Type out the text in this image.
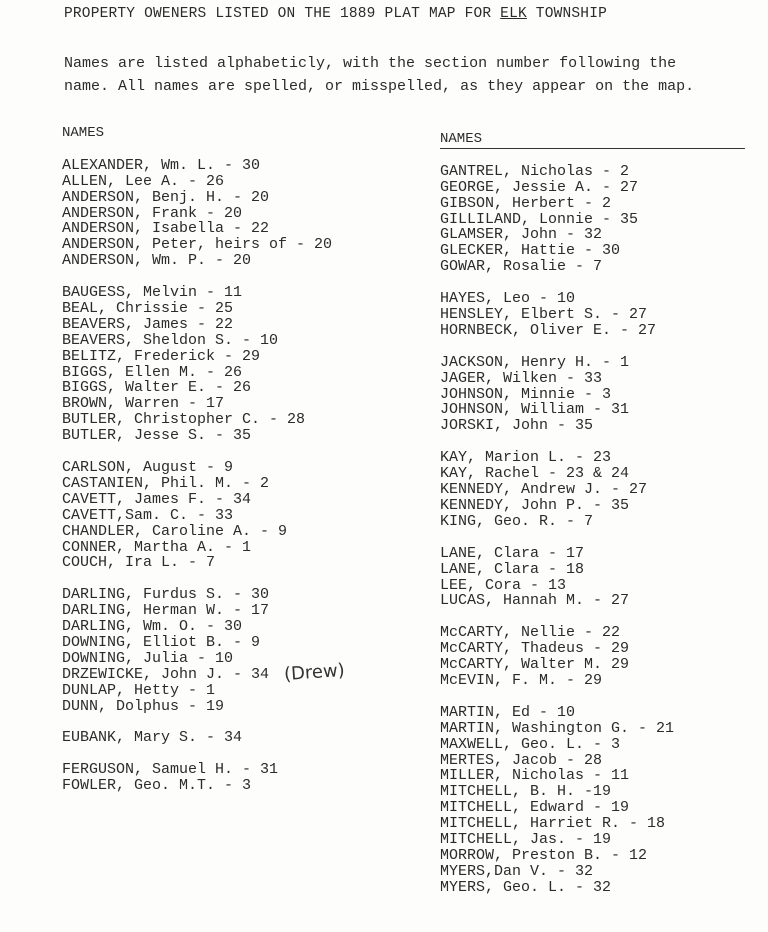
PROPERTY OWENERS LISTED ON THE 1889 PLAT MAP FOR ELK TOWNSHIP
Names are listed alphabeticly, with the section number following the
name. All names are spelled, or misspelled, as they appear on the map.
NAMES
ALEXANDER, Wm. L. - 30
ALLEN, Lee A. - 26
ANDERSON, Benj. H. - 20
ANDERSON, Frank - 20
ANDERSON, Isabella - 22
ANDERSON, Peter, heirs of - 20
ANDERSON, Wm. P. - 20
BAUGESS, Melvin - 11
BEAL, Chrissie - 25
BEAVERS, James - 22
BEAVERS, Sheldon S. - 10
BELITZ, Frederick - 29
BIGGS, Ellen M. - 26
BIGGS, Walter E. - 26
BROWN, Warren - 17
BUTLER, Christopher C. - 28
BUTLER, Jesse S. - 35
CARLSON, August - 9
CASTANIEN, Phil. M. - 2
CAVETT, James F. - 34
CAVETT,Sam. C. - 33
CHANDLER, Caroline A. - 9
CONNER, Martha A. - 1
COUCH, Ira L. - 7
DARLING, Furdus S. - 30
DARLING, Herman W. - 17
DARLING, Wm. O. - 30
DOWNING, Elliot B. - 9
DOWNING, Julia - 10
DRZEWICKE, John J. - 34
DUNLAP, Hetty - 1
DUNN, Dolphus - 19
EUBANK, Mary S. - 34
FERGUSON, Samuel H. - 31
FOWLER, Geo. M.T. - 3
NAMES
GANTREL, Nicholas - 2
GEORGE, Jessie A. - 27
GIBSON, Herbert - 2
GILLILAND, Lonnie - 35
GLAMSER, John - 32
GLECKER, Hattie - 30
GOWAR, Rosalie - 7
HAYES, Leo - 10
HENSLEY, Elbert S. - 27
HORNBECK, Oliver E. - 27
JACKSON, Henry H. - 1
JAGER, Wilken - 33
JOHNSON, Minnie - 3
JOHNSON, William - 31
JORSKI, John - 35
KAY, Marion L. - 23
KAY, Rachel - 23 & 24
KENNEDY, Andrew J. - 27
KENNEDY, John P. - 35
KING, Geo. R. - 7
LANE, Clara - 17
LANE, Clara - 18
LEE, Cora - 13
LUCAS, Hannah M. - 27
McCARTY, Nellie - 22
McCARTY, Thadeus - 29
McCARTY, Walter M. 29
McEVIN, F. M. - 29
MARTIN, Ed - 10
MARTIN, Washington G. - 21
MAXWELL, Geo. L. - 3
MERTES, Jacob - 28
MILLER, Nicholas - 11
MITCHELL, B. H. -19
MITCHELL, Edward - 19
MITCHELL, Harriet R. - 18
MITCHELL, Jas. - 19
MORROW, Preston B. - 12
MYERS,Dan V. - 32
MYERS, Geo. L. - 32
(Drew)
